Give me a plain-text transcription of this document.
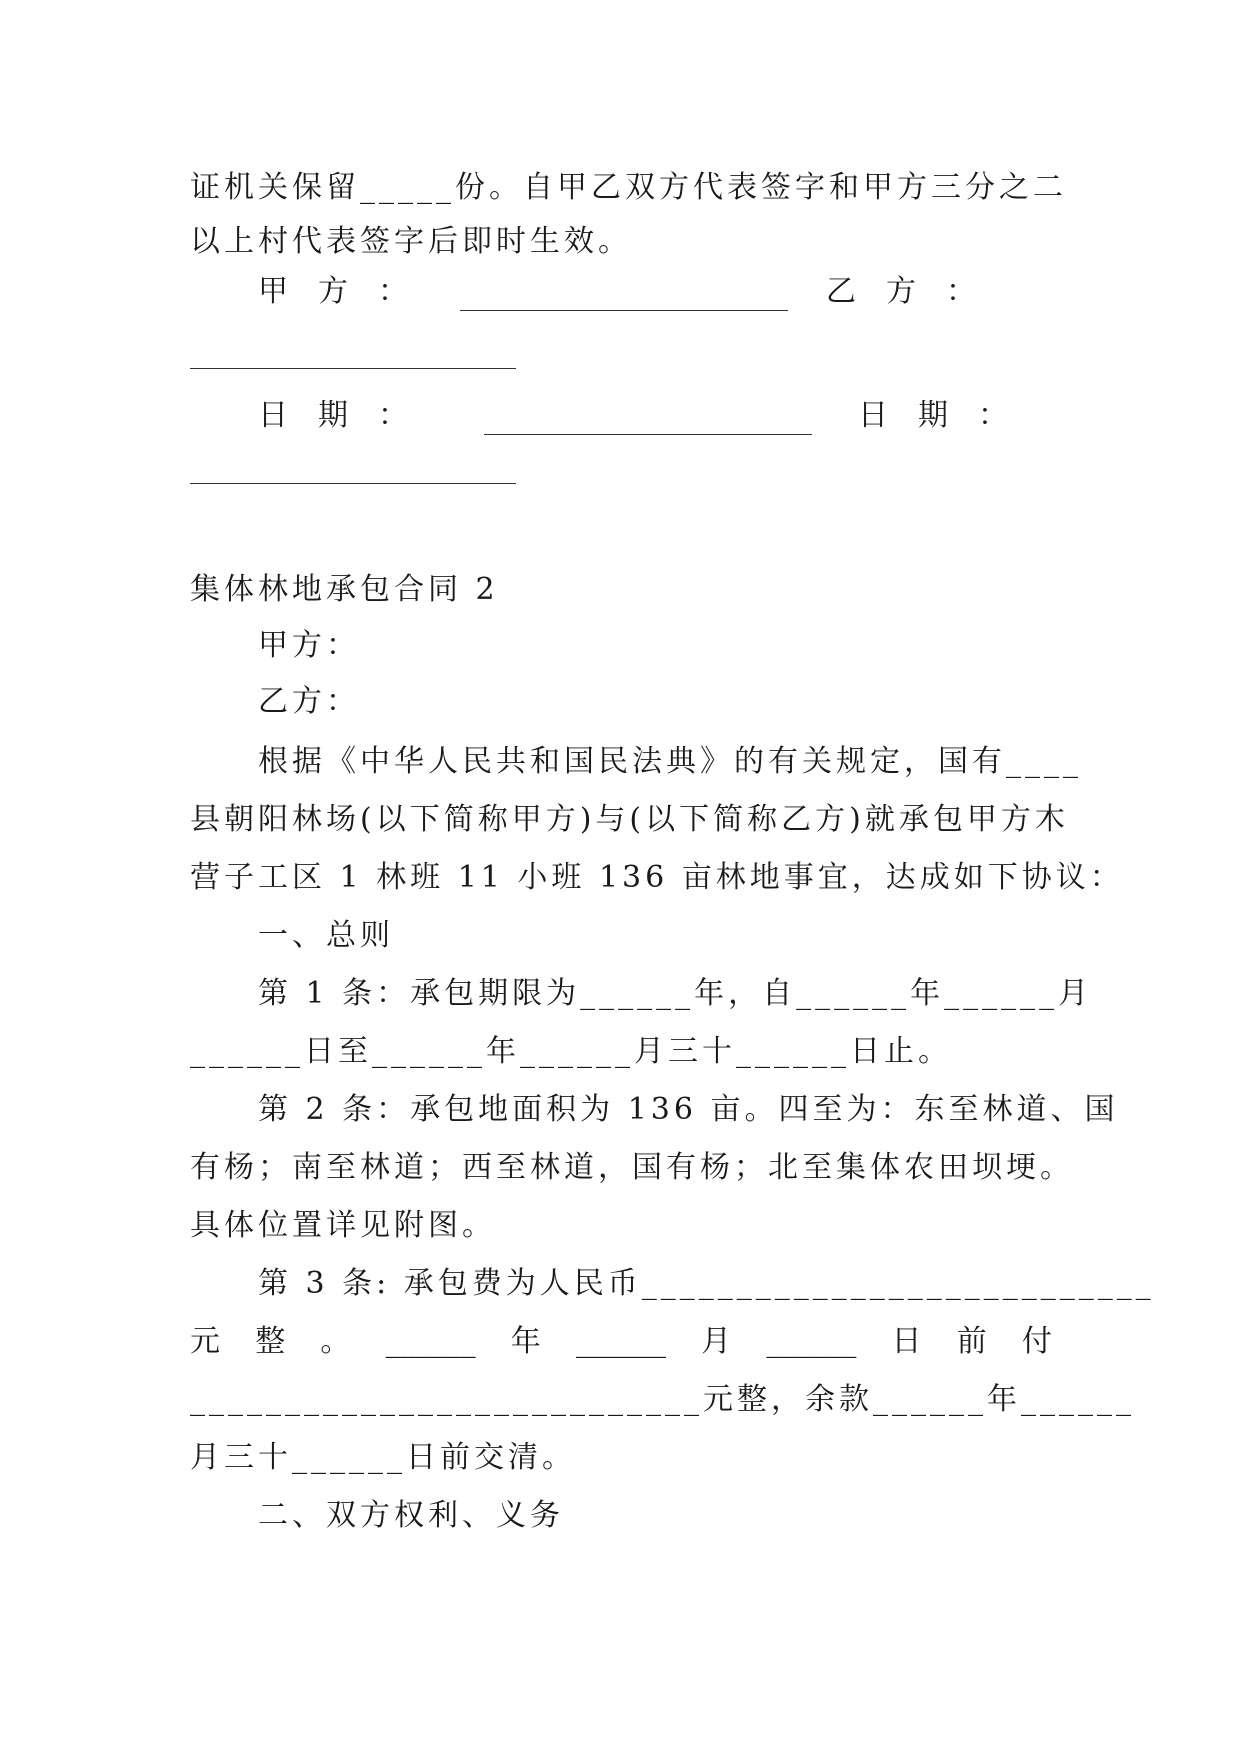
证机关保留_____份。自甲乙双方代表签字和甲方三分之二
以上村代表签字后即时生效。
甲　方　：	乙　方　：
日　期　：	日　期　：
集体林地承包合同 2
甲方：
乙方：
根据《中华人民共和国民法典》的有关规定，国有____
县朝阳林场(以下简称甲方)与(以下简称乙方)就承包甲方木
营子工区 1 林班 11 小班 136 亩林地事宜，达成如下协议：
一、总则
第 1 条：承包期限为______年，自______年______月
______日至______年______月三十______日止。
第 2 条：承包地面积为 136 亩。四至为：东至林道、国
有杨；南至林道；西至林道，国有杨；北至集体农田坝埂。
具体位置详见附图。
第 3 条: 承包费为人民币___________________________
元 整 。 ______ 年 ______ 月 ______ 日 前 付
___________________________元整，余款______年______
月三十______日前交清。
二、双方权利、义务
